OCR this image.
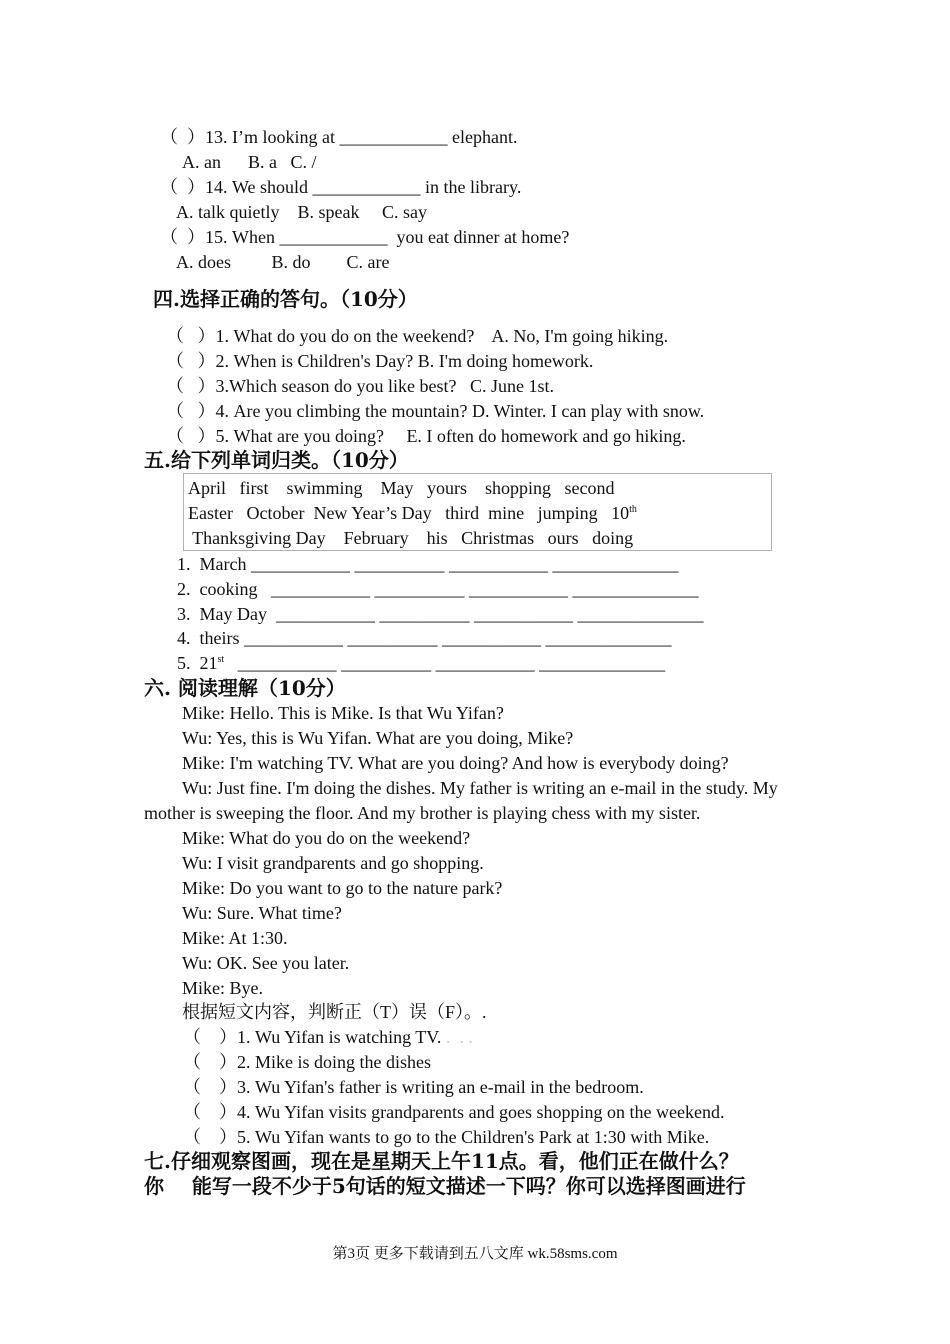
（  ）13. I’m looking at ____________ elephant.
A. an      B. a   C. /
（  ）14. We should ____________ in the library.
A. talk quietly    B. speak     C. say
（  ）15. When ____________  you eat dinner at home?
A. does         B. do        C. are
四.选择正确的答句。（10分）
（   ）1. What do you do on the weekend?    A. No, I'm going hiking.
（   ）2. When is Children's Day? B. I'm doing homework.
（   ）3.Which season do you like best?   C. June 1st.
（   ）4. Are you climbing the mountain? D. Winter. I can play with snow.
（   ）5. What are you doing?     E. I often do homework and go hiking.
五.给下列单词归类。（10分）
April   first    swimming    May   yours    shopping   second
Easter   October  New Year’s Day   third  mine   jumping   10th
Thanksgiving Day    February    his   Christmas   ours   doing
1.  March ___________ __________ ___________ ______________
2.  cooking   ___________ __________ ___________ ______________
3.  May Day  ___________ __________ ___________ ______________
4.  theirs ___________ __________ ___________ ______________
5.  21st   ___________ __________ ___________ ______________
六. 阅读理解（10分）
Mike: Hello. This is Mike. Is that Wu Yifan?
Wu: Yes, this is Wu Yifan. What are you doing, Mike?
Mike: I'm watching TV. What are you doing? And how is everybody doing?
Wu: Just fine. I'm doing the dishes. My father is writing an e-mail in the study. My
mother is sweeping the floor. And my brother is playing chess with my sister.
Mike: What do you do on the weekend?
Wu: I visit grandparents and go shopping.
Mike: Do you want to go to the nature park?
Wu: Sure. What time?
Mike: At 1:30.
Wu: OK. See you later.
Mike: Bye.
根据短文内容，判断正（T）误（F）。.
（    ）1. Wu Yifan is watching TV. .  . .
（    ）2. Mike is doing the dishes
（    ）3. Wu Yifan's father is writing an e-mail in the bedroom.
（    ）4. Wu Yifan visits grandparents and goes shopping on the weekend.
（    ）5. Wu Yifan wants to go to the Children's Park at 1:30 with Mike.
七.仔细观察图画，现在是星期天上午11点。看，他们正在做什么？
你    能写一段不少于5句话的短文描述一下吗？你可以选择图画进行
第3页 更多下载请到五八文库 wk.58sms.com
